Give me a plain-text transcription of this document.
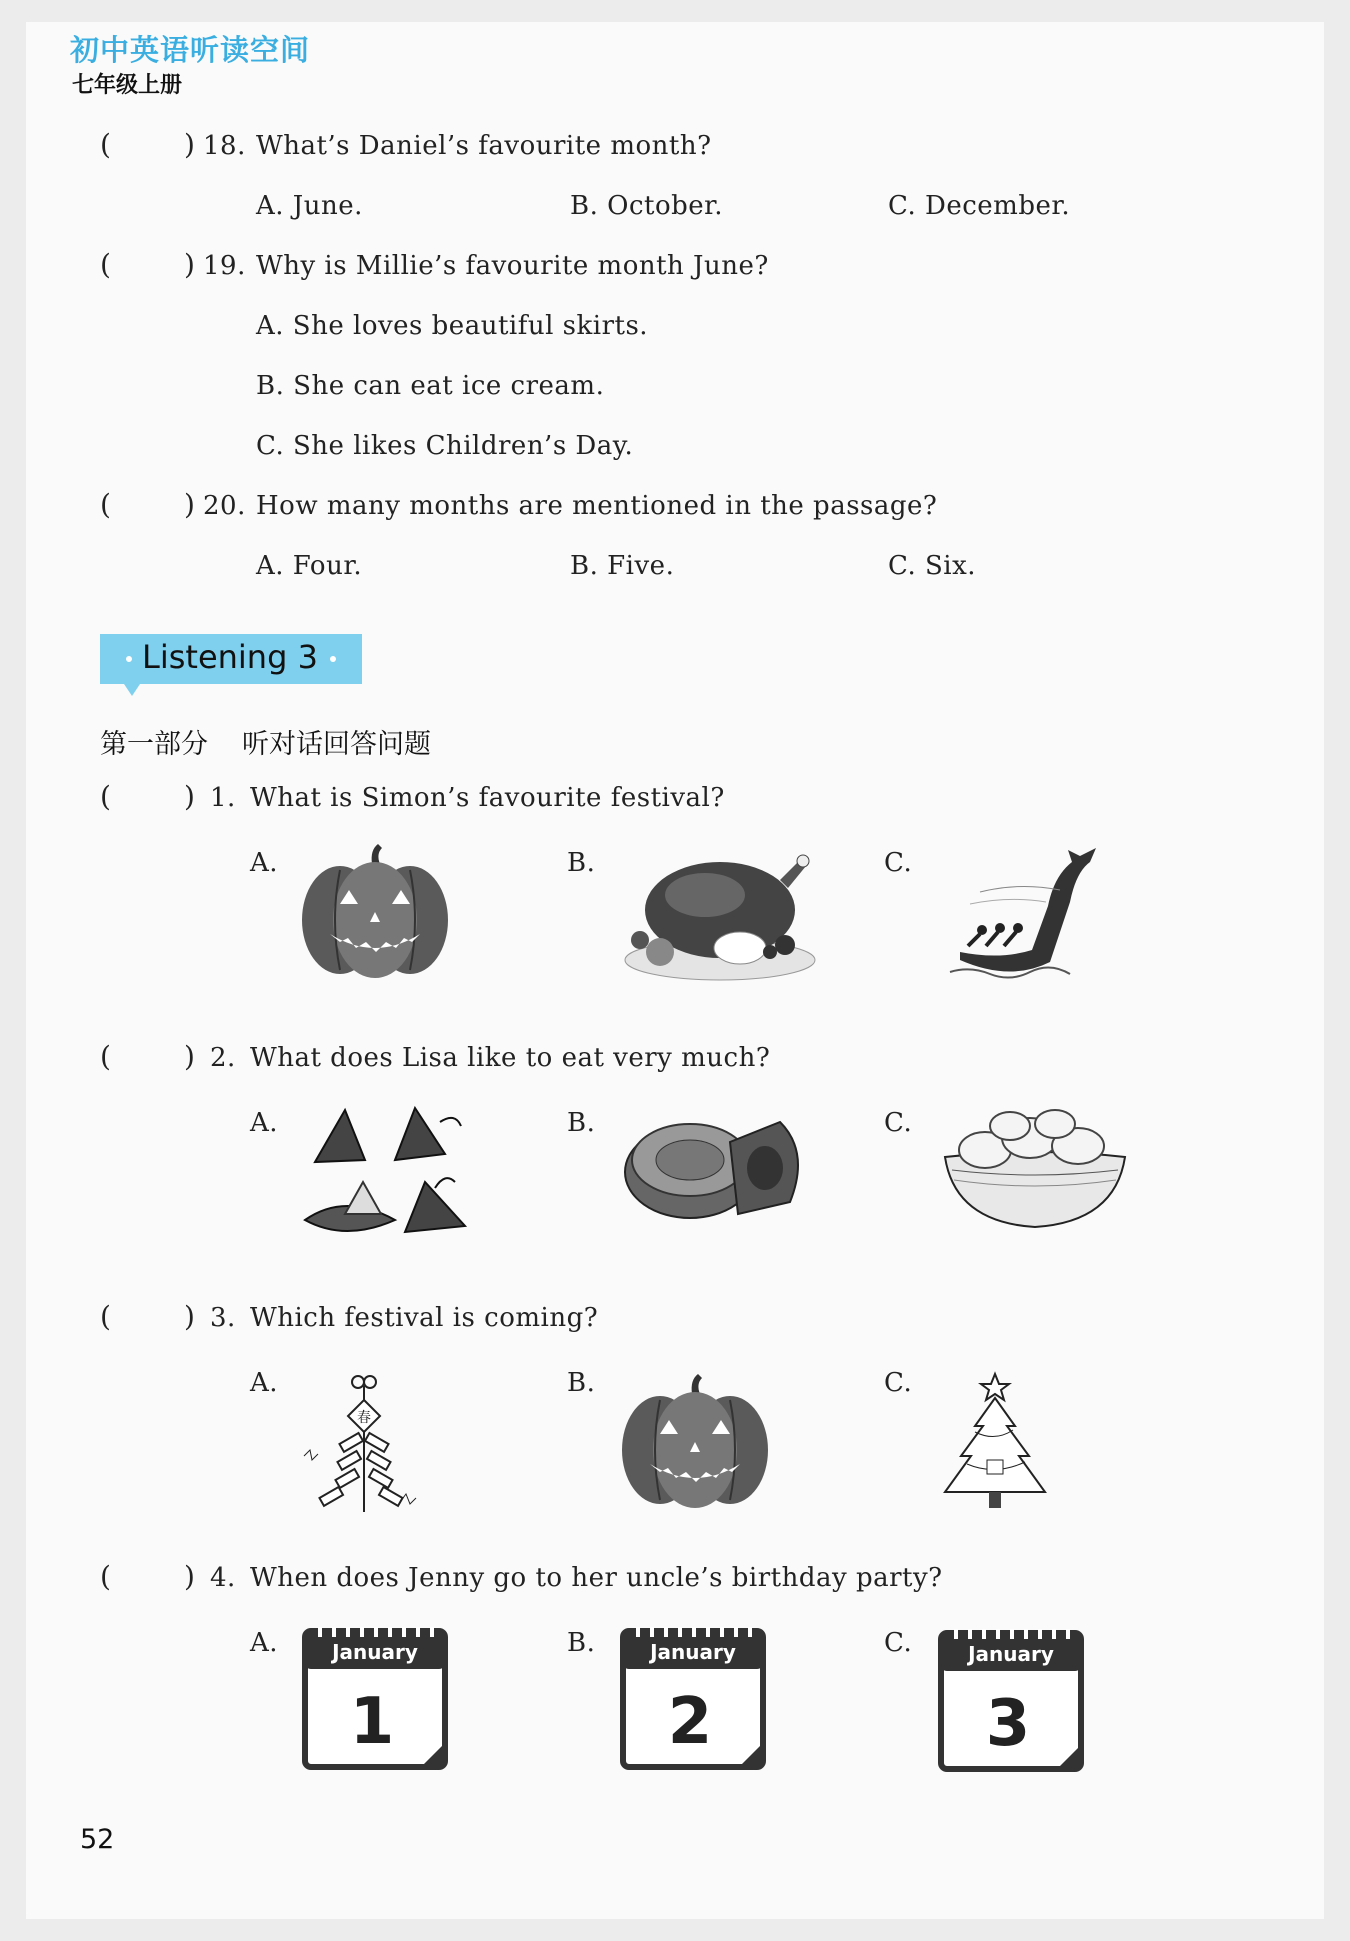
初中英语听读空间
七年级上册
(	) 18. What’s Daniel’s favourite month?
A. June.	B. October.	C. December.
(	) 19. Why is Millie’s favourite month June?
A. She loves beautiful skirts.
B. She can eat ice cream.
C. She likes Children’s Day.
(	) 20. How many months are mentioned in the passage?
A. Four.	B. Five.	C. Six.
Listening 3
第一部分 听对话回答问题
(	) 1. What is Simon’s favourite festival?
A.	B.	C.
(	) 2. What does Lisa like to eat very much?
A.	B.	C.
(	) 3. Which festival is coming?
A.	B.	C.
春
(	) 4. When does Jenny go to her uncle’s birthday party?
A.	B.	C.
January
1
January
2
January
3
52
